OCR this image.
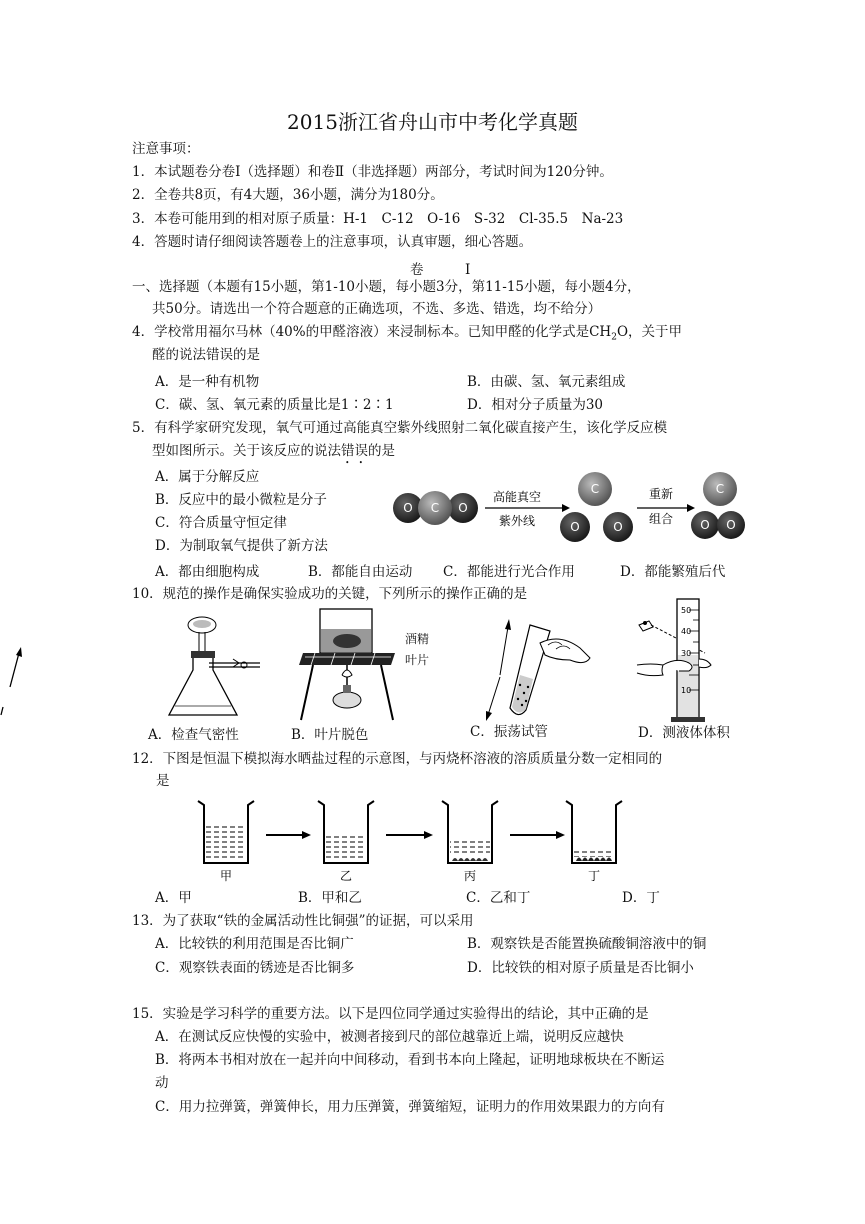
2015浙江省舟山市中考化学真题
注意事项：
1．本试题卷分卷Ⅰ（选择题）和卷Ⅱ（非选择题）两部分，考试时间为120分钟。
2．全卷共8页，有4大题，36小题，满分为180分。
3．本卷可能用到的相对原子质量：H-1　C-12　O-16　S-32　Cl-35.5　Na-23
4．答题时请仔细阅读答题卷上的注意事项，认真审题，细心答题。
卷　Ⅰ
一、选择题（本题有15小题，第1-10小题，每小题3分，第11-15小题，每小题4分，
共50分。请选出一个符合题意的正确选项，不选、多选、错选，均不给分）
4．学校常用福尔马林（40%的甲醛溶液）来浸制标本。已知甲醛的化学式是$CH_2O$，关于甲
醛的说法错误的是
A．是一种有机物	B．由碳、氢、氧元素组成
C．碳、氢、氧元素的质量比是1∶2∶1	D．相对分子质量为30
5．有科学家研究发现，氧气可通过高能真空紫外线照射二氧化碳直接产生，该化学反应模
型如图所示。关于该反应的说法错误的是
A．属于分解反应
B．反应中的最小微粒是分子
C．符合质量守恒定律
D．为制取氧气提供了新方法
O C O
高能真空
紫外线
C
O	O
重新
组合
C
O O
A．都由细胞构成	B．都能自由运动 C．都能进行光合作用	D．都能繁殖后代
10．规范的操作是确保实验成功的关键，下列所示的操作正确的是
酒精
叶片
50
40
30
10
A．检查气密性	B．叶片脱色	C．振荡试管	D．测液体体积
12．下图是恒温下模拟海水晒盐过程的示意图，与丙烧杯溶液的溶质质量分数一定相同的
是
甲	乙	丙	丁
A．甲	B．甲和乙	C．乙和丁	D．丁
13．为了获取“铁的金属活动性比铜强”的证据，可以采用
A．比较铁的利用范围是否比铜广	B．观察铁是否能置换硫酸铜溶液中的铜
C．观察铁表面的锈迹是否比铜多	D．比较铁的相对原子质量是否比铜小
15．实验是学习科学的重要方法。以下是四位同学通过实验得出的结论，其中正确的是
A．在测试反应快慢的实验中，被测者接到尺的部位越靠近上端，说明反应越快
B．将两本书相对放在一起并向中间移动，看到书本向上隆起，证明地球板块在不断运
动
C．用力拉弹簧，弹簧伸长，用力压弹簧，弹簧缩短，证明力的作用效果跟力的方向有
